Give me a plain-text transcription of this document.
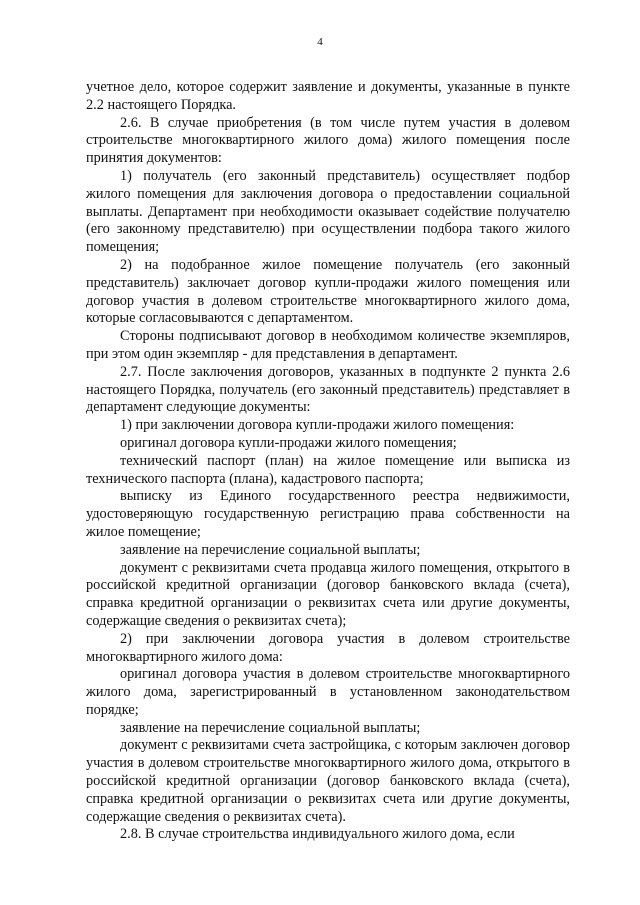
4

учетное дело, которое содержит заявление и документы, указанные в пункте 2.2 настоящего Порядка.

2.6. В случае приобретения (в том числе путем участия в долевом строительстве многоквартирного жилого дома) жилого помещения после принятия документов:

1) получатель (его законный представитель) осуществляет подбор жилого помещения для заключения договора о предоставлении социальной выплаты. Департамент при необходимости оказывает содействие получателю (его законному представителю) при осуществлении подбора такого жилого помещения;

2) на подобранное жилое помещение получатель (его законный представитель) заключает договор купли-продажи жилого помещения или договор участия в долевом строительстве многоквартирного жилого дома, которые согласовываются с департаментом.

Стороны подписывают договор в необходимом количестве экземпляров, при этом один экземпляр - для представления в департамент.

2.7. После заключения договоров, указанных в подпункте 2 пункта 2.6 настоящего Порядка, получатель (его законный представитель) представляет в департамент следующие документы:

1) при заключении договора купли-продажи жилого помещения:

оригинал договора купли-продажи жилого помещения;

технический паспорт (план) на жилое помещение или выписка из технического паспорта (плана), кадастрового паспорта;

выписку из Единого государственного реестра недвижимости, удостоверяющую государственную регистрацию права собственности на жилое помещение;

заявление на перечисление социальной выплаты;

документ с реквизитами счета продавца жилого помещения, открытого в российской кредитной организации (договор банковского вклада (счета), справка кредитной организации о реквизитах счета или другие документы, содержащие сведения о реквизитах счета);

2) при заключении договора участия в долевом строительстве многоквартирного жилого дома:

оригинал договора участия в долевом строительстве многоквартирного жилого дома, зарегистрированный в установленном законодательством порядке;

заявление на перечисление социальной выплаты;

документ с реквизитами счета застройщика, с которым заключен договор участия в долевом строительстве многоквартирного жилого дома, открытого в российской кредитной организации (договор банковского вклада (счета), справка кредитной организации о реквизитах счета или другие документы, содержащие сведения о реквизитах счета).

2.8. В случае строительства индивидуального жилого дома, если
